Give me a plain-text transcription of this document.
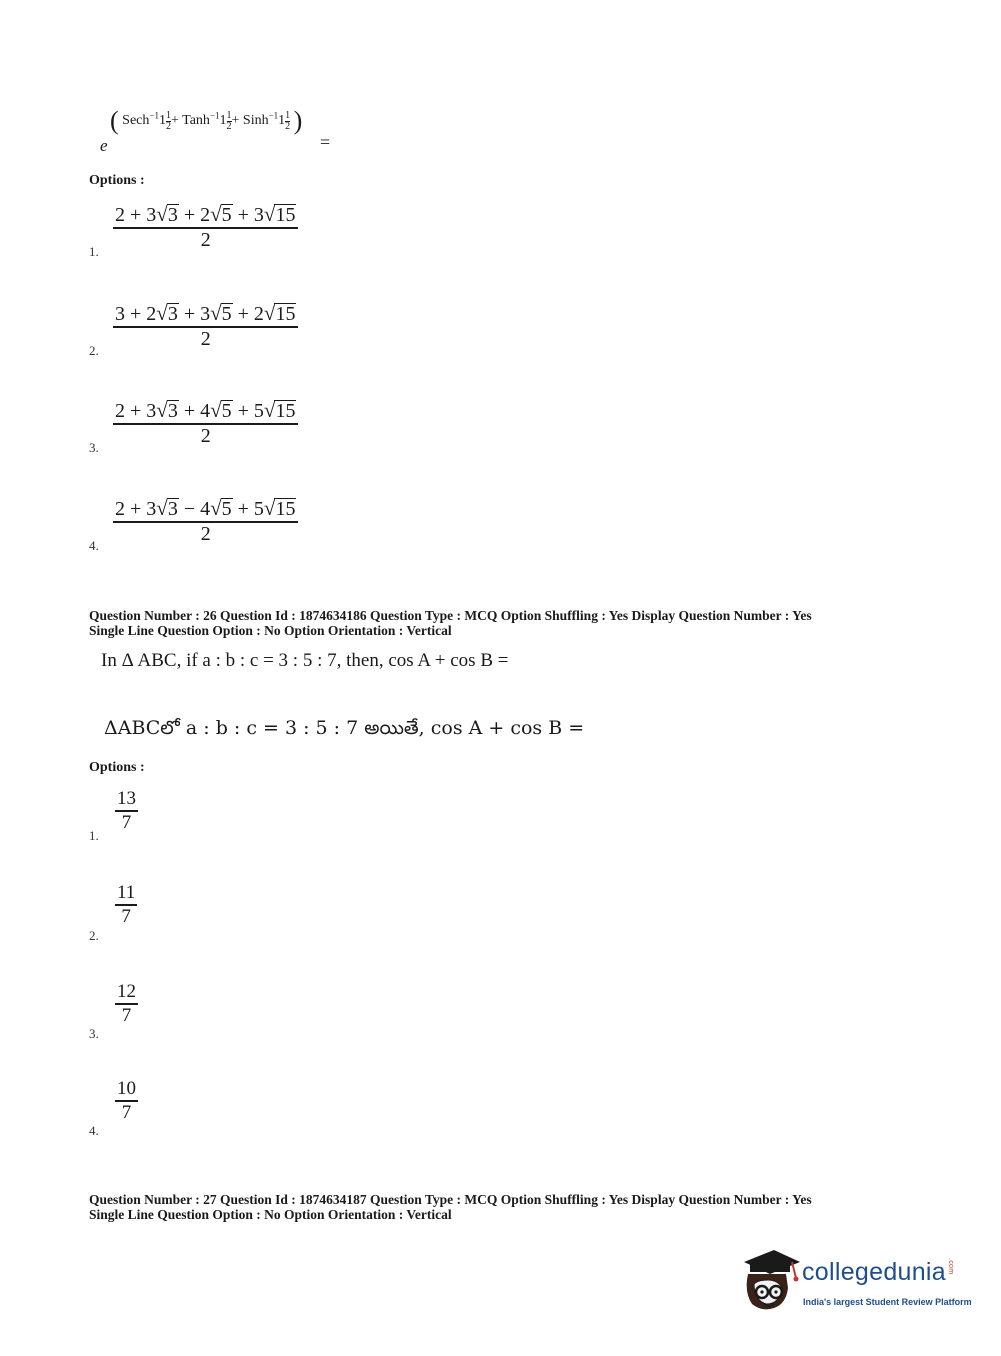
e
( Sech$^{-1}$1 $\frac{1}{2}$ + Tanh$^{-1}$1 $\frac{1}{2}$ + Sinh$^{-1}$1 $\frac{1}{2}$ )
=
Options :
1.
2 + 3√3 + 2√5 + 3√15
2
2.
3 + 2√3 + 3√5 + 2√15
2
3.
2 + 3√3 + 4√5 + 5√15
2
4.
2 + 3√3 − 4√5 + 5√15
2
Question Number : 26 Question Id : 1874634186 Question Type : MCQ Option Shuffling : Yes Display Question Number : Yes
Single Line Question Option : No Option Orientation : Vertical
In Δ ABC, if a : b : c = 3 : 5 : 7, then, cos A + cos B =
ΔABCలో a : b : c = 3 : 5 : 7 అయితే, cos A + cos B =
Options :
1.
13
7
2.
11
7
3.
12
7
4.
10
7
Question Number : 27 Question Id : 1874634187 Question Type : MCQ Option Shuffling : Yes Display Question Number : Yes
Single Line Question Option : No Option Orientation : Vertical
collegedunia.com
India's largest Student Review Platform
